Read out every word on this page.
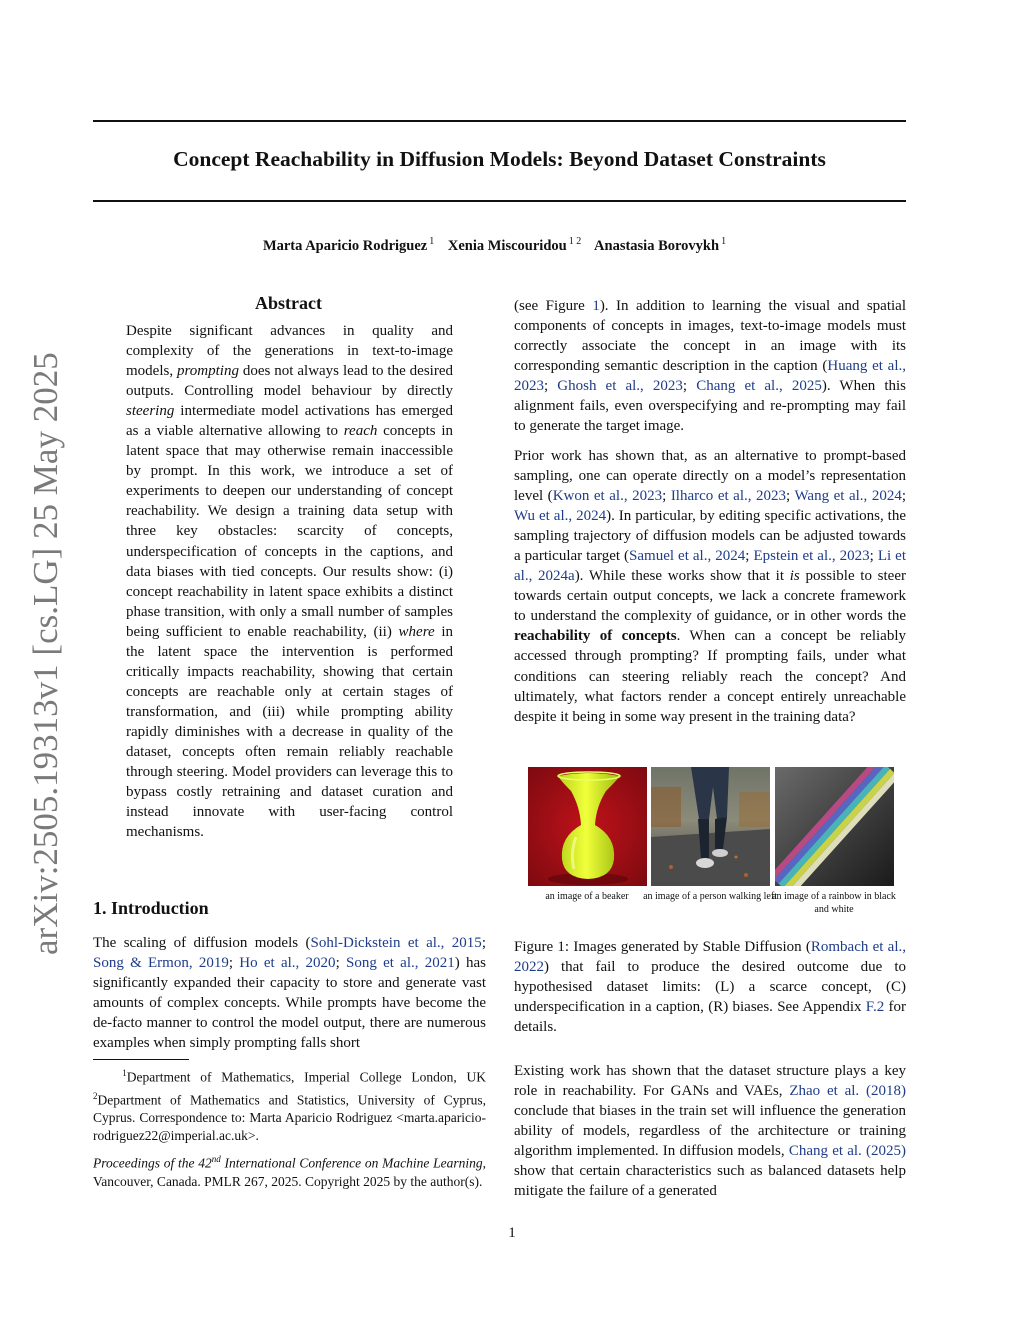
Concept Reachability in Diffusion Models: Beyond Dataset Constraints
Marta Aparicio Rodriguez $^1$ Xenia Miscouridou $^{1 2}$ Anastasia Borovykh $^1$
arXiv:2505.19313v1 [cs.LG] 25 May 2025
Abstract

Despite significant advances in quality and complexity of the generations in text-to-image models, prompting does not always lead to the desired outputs. Controlling model behaviour by directly steering intermediate model activations has emerged as a viable alternative allowing to reach concepts in latent space that may otherwise remain inaccessible by prompt. In this work, we introduce a set of experiments to deepen our understanding of concept reachability. We design a training data setup with three key obstacles: scarcity of concepts, underspecification of concepts in the captions, and data biases with tied concepts. Our results show: (i) concept reachability in latent space exhibits a distinct phase transition, with only a small number of samples being sufficient to enable reachability, (ii) where in the latent space the intervention is performed critically impacts reachability, showing that certain concepts are reachable only at certain stages of transformation, and (iii) while prompting ability rapidly diminishes with a decrease in quality of the dataset, concepts often remain reliably reachable through steering. Model providers can leverage this to bypass costly retraining and dataset curation and instead innovate with user-facing control mechanisms.

1. Introduction

The scaling of diffusion models (Sohl-Dickstein et al., 2015; Song & Ermon, 2019; Ho et al., 2020; Song et al., 2021) has significantly expanded their capacity to store and generate vast amounts of complex concepts. While prompts have become the de-facto manner to control the model output, there are numerous examples when simply prompting falls short

$^1$Department of Mathematics, Imperial College London, UK $^2$Department of Mathematics and Statistics, University of Cyprus, Cyprus. Correspondence to: Marta Aparicio Rodriguez <marta.aparicio-rodriguez22@imperial.ac.uk>.

Proceedings of the 42nd International Conference on Machine Learning, Vancouver, Canada. PMLR 267, 2025. Copyright 2025 by the author(s).

(see Figure 1). In addition to learning the visual and spatial components of concepts in images, text-to-image models must correctly associate the concept in an image with its corresponding semantic description in the caption (Huang et al., 2023; Ghosh et al., 2023; Chang et al., 2025). When this alignment fails, even overspecifying and re-prompting may fail to generate the target image.

Prior work has shown that, as an alternative to prompt-based sampling, one can operate directly on a model’s representation level (Kwon et al., 2023; Ilharco et al., 2023; Wang et al., 2024; Wu et al., 2024). In particular, by editing specific activations, the sampling trajectory of diffusion models can be adjusted towards a particular target (Samuel et al., 2024; Epstein et al., 2023; Li et al., 2024a). While these works show that it is possible to steer towards certain output concepts, we lack a concrete framework to understand the complexity of guidance, or in other words the reachability of concepts. When can a concept be reliably accessed through prompting? If prompting fails, under what conditions can steering reliably reach the concept? And ultimately, what factors render a concept entirely unreachable despite it being in some way present in the training data?

an image of a beaker	an image of a person walking left
an image of a rainbow in black and white

Figure 1: Images generated by Stable Diffusion (Rombach et al., 2022) that fail to produce the desired outcome due to hypothesised dataset limits: (L) a scarce concept, (C) underspecification in a caption, (R) biases. See Appendix F.2 for details.

Existing work has shown that the dataset structure plays a key role in reachability. For GANs and VAEs, Zhao et al. (2018) conclude that biases in the train set will influence the generation ability of models, regardless of the architecture or training algorithm implemented. In diffusion models, Chang et al. (2025) show that certain characteristics such as balanced datasets help mitigate the failure of a generated

1
